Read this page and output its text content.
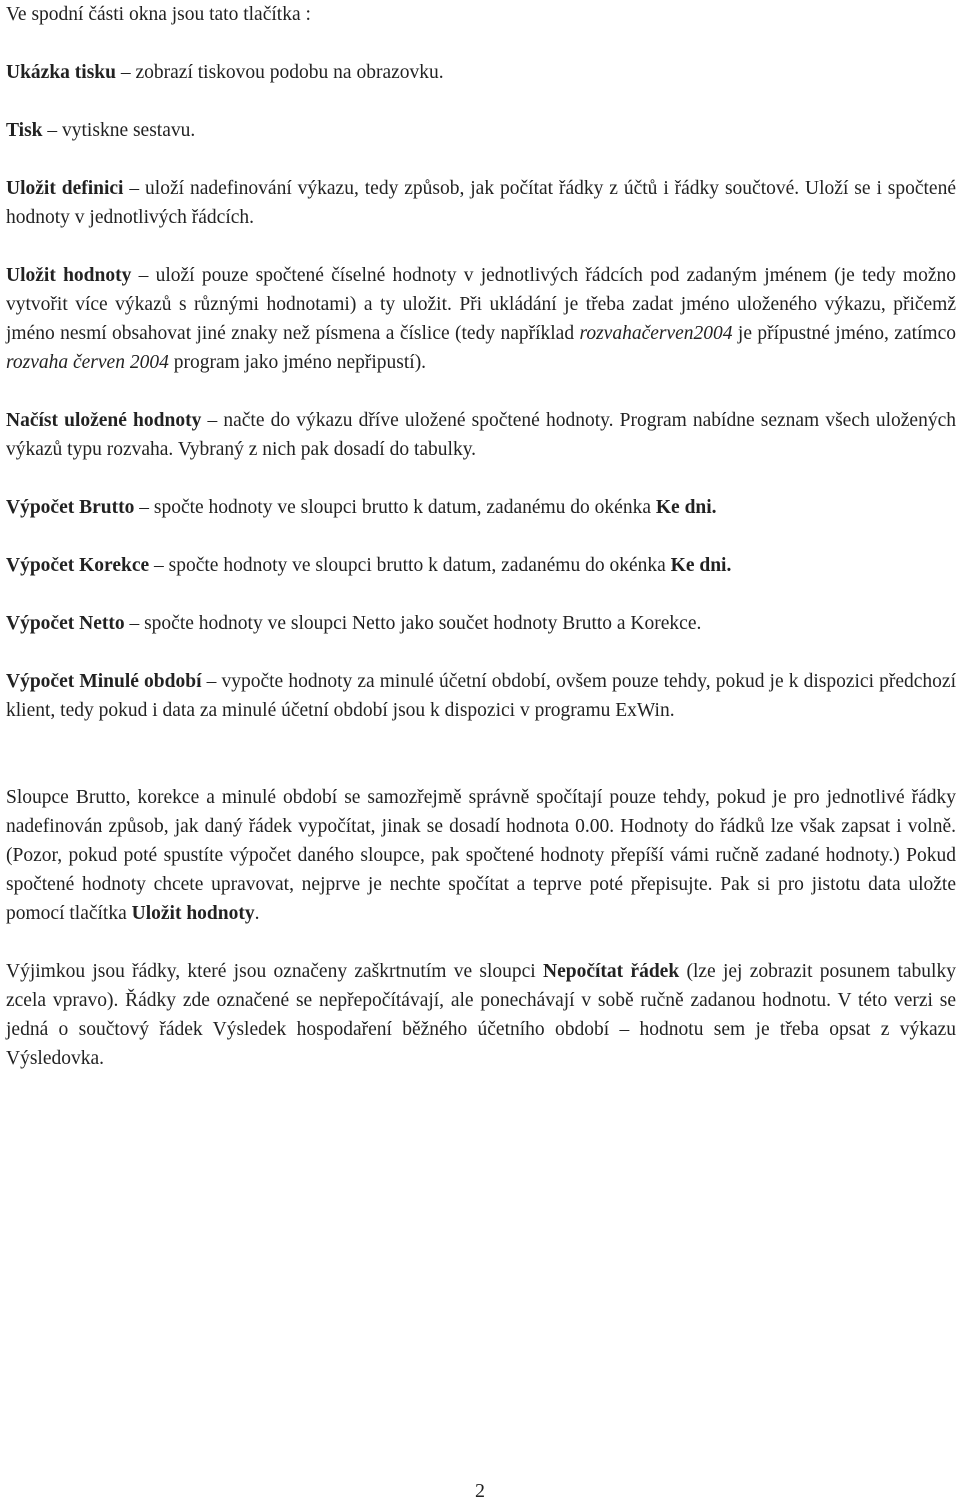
Ve spodní části okna jsou tato tlačítka :

Ukázka tisku – zobrazí tiskovou podobu na obrazovku.

Tisk – vytiskne sestavu.

Uložit definici – uloží nadefinování výkazu, tedy způsob, jak počítat řádky z účtů i řádky součtové. Uloží se i spočtené hodnoty v jednotlivých řádcích.

Uložit hodnoty – uloží pouze spočtené číselné hodnoty v jednotlivých řádcích pod zadaným jménem (je tedy možno vytvořit více výkazů s různými hodnotami) a ty uložit. Při ukládání je třeba zadat jméno uloženého výkazu, přičemž jméno nesmí obsahovat jiné znaky než písmena a číslice (tedy například rozvahačerven2004 je přípustné jméno, zatímco rozvaha červen 2004 program jako jméno nepřipustí).

Načíst uložené hodnoty – načte do výkazu dříve uložené spočtené hodnoty. Program nabídne seznam všech uložených výkazů typu rozvaha. Vybraný z nich pak dosadí do tabulky.

Výpočet Brutto – spočte hodnoty ve sloupci brutto k datum, zadanému do okénka Ke dni.

Výpočet Korekce – spočte hodnoty ve sloupci brutto k datum, zadanému do okénka Ke dni.

Výpočet Netto – spočte hodnoty ve sloupci Netto jako součet hodnoty Brutto a Korekce.

Výpočet Minulé období – vypočte hodnoty za minulé účetní období, ovšem pouze tehdy, pokud je k dispozici předchozí klient, tedy pokud i data za minulé účetní období jsou k dispozici v programu ExWin.

Sloupce Brutto, korekce a minulé období se samozřejmě správně spočítají pouze tehdy, pokud je pro jednotlivé řádky nadefinován způsob, jak daný řádek vypočítat, jinak se dosadí hodnota 0.00. Hodnoty do řádků lze však zapsat i volně. (Pozor, pokud poté spustíte výpočet daného sloupce, pak spočtené hodnoty přepíší vámi ručně zadané hodnoty.) Pokud spočtené hodnoty chcete upravovat, nejprve je nechte spočítat a teprve poté přepisujte. Pak si pro jistotu data uložte pomocí tlačítka Uložit hodnoty.

Výjimkou jsou řádky, které jsou označeny zaškrtnutím ve sloupci Nepočítat řádek (lze jej zobrazit posunem tabulky zcela vpravo). Řádky zde označené se nepřepočítávají, ale ponechávají v sobě ručně zadanou hodnotu. V této verzi se jedná o součtový řádek Výsledek hospodaření běžného účetního období – hodnotu sem je třeba opsat z výkazu Výsledovka.

2
